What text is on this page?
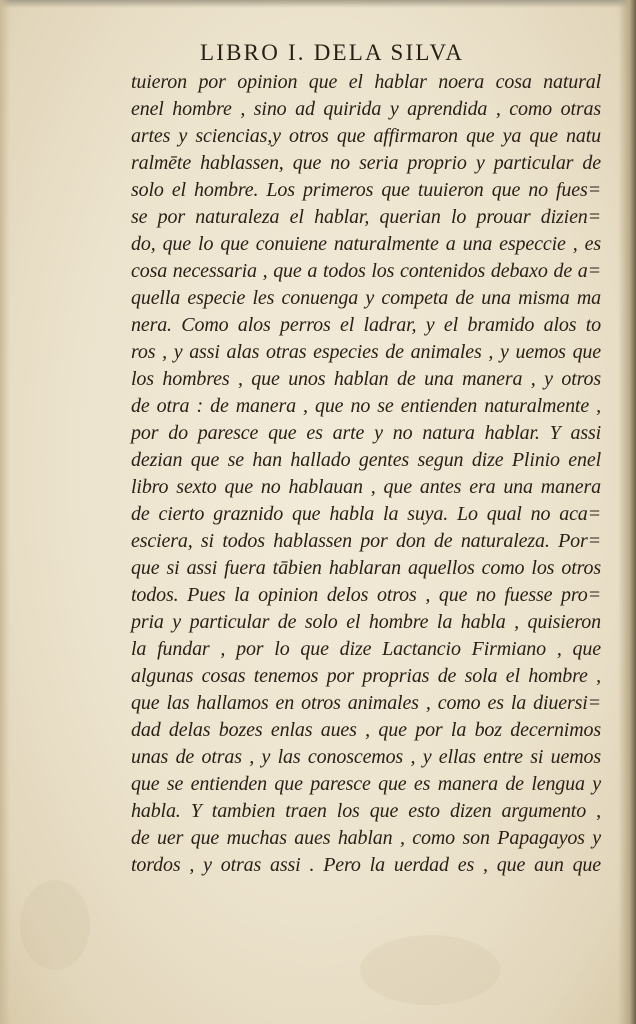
LIBRO I. DELA SILVA
tuieron por opinion que el hablar noera cosa natural
enel hombre , sino ad quirida y aprendida , como otras
artes y sciencias,y otros que affirmaron que ya que natu
ralmēte hablassen, que no seria proprio y particular de
solo el hombre. Los primeros que tuuieron que no fues=
se por naturaleza el hablar, querian lo prouar dizien=
do, que lo que conuiene naturalmente a una especcie , es
cosa necessaria , que a todos los contenidos debaxo de a=
quella especie les conuenga y competa de una misma ma
nera. Como alos perros el ladrar, y el bramido alos to
ros , y assi alas otras especies de animales , y uemos que
los hombres , que unos hablan de una manera , y otros
de otra : de manera , que no se entienden naturalmente ,
por do paresce que es arte y no natura hablar. Y assi
dezian que se han hallado gentes segun dize Plinio enel
libro sexto que no hablauan , que antes era una manera
de cierto graznido que habla la suya. Lo qual no aca=
esciera, si todos hablassen por don de naturaleza. Por=
que si assi fuera tābien hablaran aquellos como los otros
todos. Pues la opinion delos otros , que no fuesse pro=
pria y particular de solo el hombre la habla , quisieron
la fundar , por lo que dize Lactancio Firmiano , que
algunas cosas tenemos por proprias de sola el hombre ,
que las hallamos en otros animales , como es la diuersi=
dad delas bozes enlas aues , que por la boz decernimos
unas de otras , y las conoscemos , y ellas entre si uemos
que se entienden que paresce que es manera de lengua y
habla. Y tambien traen los que esto dizen argumento ,
de uer que muchas aues hablan , como son Papagayos y
tordos , y otras assi . Pero la uerdad es , que aun que
